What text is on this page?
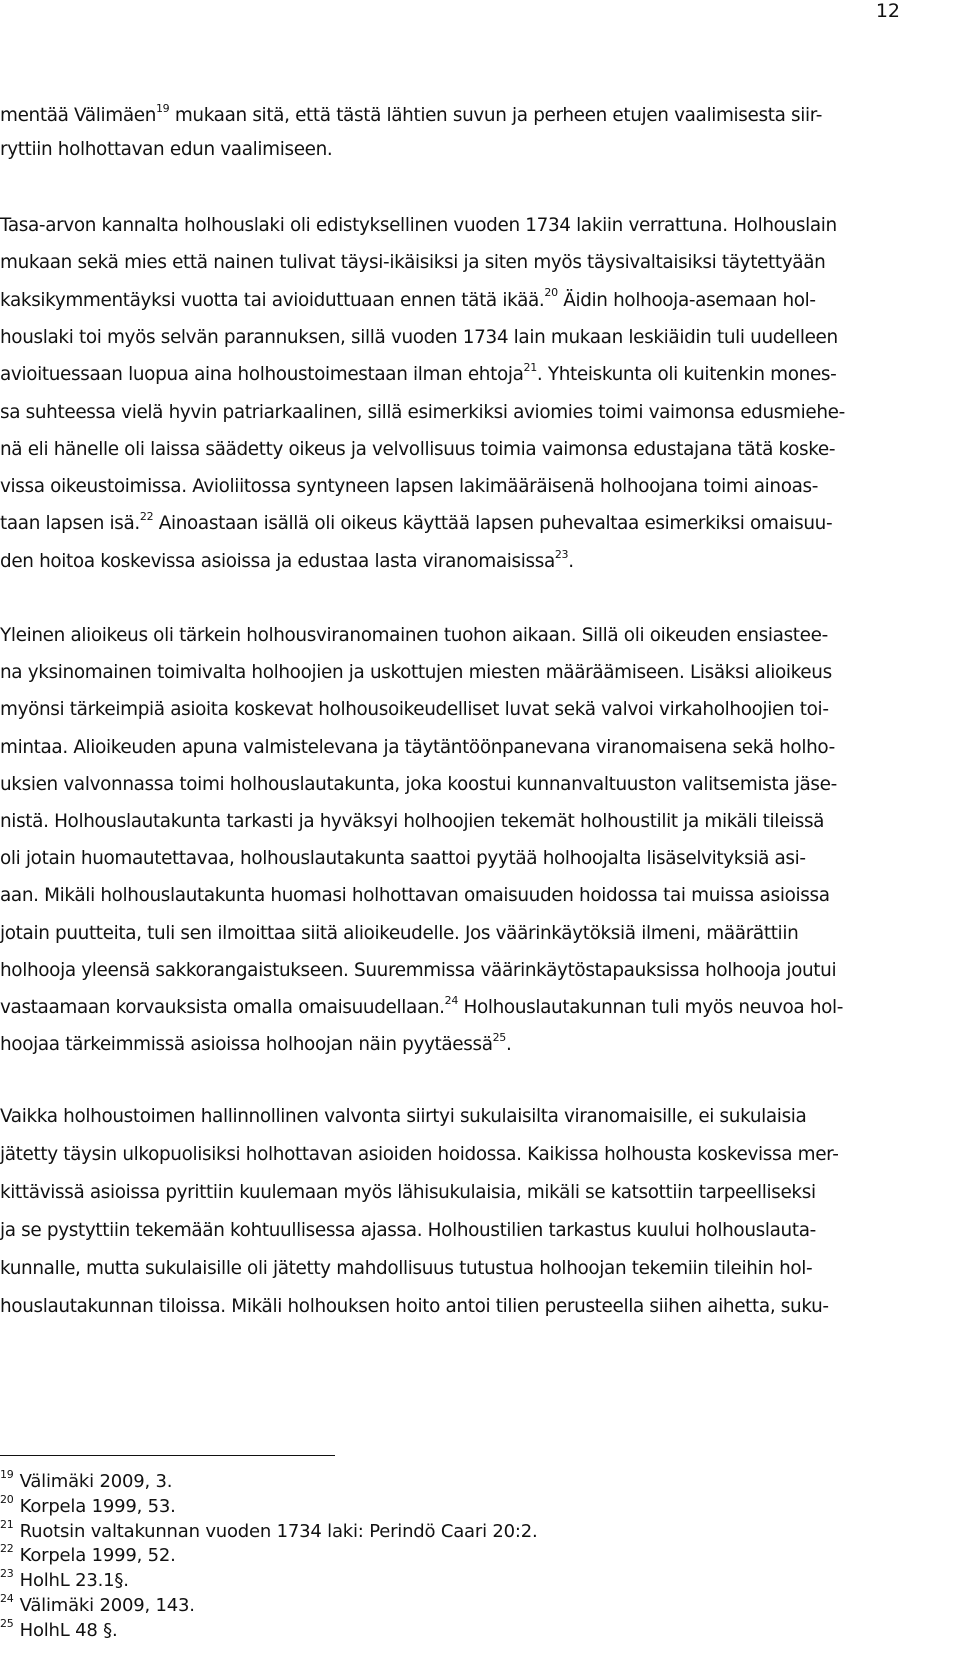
12
mentää Välimäen$^{19}$ mukaan sitä, että tästä lähtien suvun ja perheen etujen vaalimisesta siir-
ryttiin holhottavan edun vaalimiseen.
Tasa-arvon kannalta holhouslaki oli edistyksellinen vuoden 1734 lakiin verrattuna. Holhouslain
mukaan sekä mies että nainen tulivat täysi-ikäisiksi ja siten myös täysivaltaisiksi täytettyään
kaksikymmentäyksi vuotta tai avioiduttuaan ennen tätä ikää.$^{20}$ Äidin holhooja-asemaan hol-
houslaki toi myös selvän parannuksen, sillä vuoden 1734 lain mukaan leskiäidin tuli uudelleen
avioituessaan luopua aina holhoustoimestaan ilman ehtoja$^{21}$. Yhteiskunta oli kuitenkin mones-
sa suhteessa vielä hyvin patriarkaalinen, sillä esimerkiksi aviomies toimi vaimonsa edusmiehe-
nä eli hänelle oli laissa säädetty oikeus ja velvollisuus toimia vaimonsa edustajana tätä koske-
vissa oikeustoimissa. Avioliitossa syntyneen lapsen lakimääräisenä holhoojana toimi ainoas-
taan lapsen isä.$^{22}$ Ainoastaan isällä oli oikeus käyttää lapsen puhevaltaa esimerkiksi omaisuu-
den hoitoa koskevissa asioissa ja edustaa lasta viranomaisissa$^{23}$.
Yleinen alioikeus oli tärkein holhousviranomainen tuohon aikaan. Sillä oli oikeuden ensiastee-
na yksinomainen toimivalta holhoojien ja uskottujen miesten määräämiseen. Lisäksi alioikeus
myönsi tärkeimpiä asioita koskevat holhousoikeudelliset luvat sekä valvoi virkaholhoojien toi-
mintaa. Alioikeuden apuna valmistelevana ja täytäntöönpanevana viranomaisena sekä holho-
uksien valvonnassa toimi holhouslautakunta, joka koostui kunnanvaltuuston valitsemista jäse-
nistä. Holhouslautakunta tarkasti ja hyväksyi holhoojien tekemät holhoustilit ja mikäli tileissä
oli jotain huomautettavaa, holhouslautakunta saattoi pyytää holhoojalta lisäselvityksiä asi-
aan. Mikäli holhouslautakunta huomasi holhottavan omaisuuden hoidossa tai muissa asioissa
jotain puutteita, tuli sen ilmoittaa siitä alioikeudelle. Jos väärinkäytöksiä ilmeni, määrättiin
holhooja yleensä sakkorangaistukseen. Suuremmissa väärinkäytöstapauksissa holhooja joutui
vastaamaan korvauksista omalla omaisuudellaan.$^{24}$ Holhouslautakunnan tuli myös neuvoa hol-
hoojaa tärkeimmissä asioissa holhoojan näin pyytäessä$^{25}$.
Vaikka holhoustoimen hallinnollinen valvonta siirtyi sukulaisilta viranomaisille, ei sukulaisia
jätetty täysin ulkopuolisiksi holhottavan asioiden hoidossa. Kaikissa holhousta koskevissa mer-
kittävissä asioissa pyrittiin kuulemaan myös lähisukulaisia, mikäli se katsottiin tarpeelliseksi
ja se pystyttiin tekemään kohtuullisessa ajassa. Holhoustilien tarkastus kuului holhouslauta-
kunnalle, mutta sukulaisille oli jätetty mahdollisuus tutustua holhoojan tekemiin tileihin hol-
houslautakunnan tiloissa. Mikäli holhouksen hoito antoi tilien perusteella siihen aihetta, suku-
$^{19}$ Välimäki 2009, 3.
$^{20}$ Korpela 1999, 53.
$^{21}$ Ruotsin valtakunnan vuoden 1734 laki: Perindö Caari 20:2.
$^{22}$ Korpela 1999, 52.
$^{23}$ HolhL 23.1§.
$^{24}$ Välimäki 2009, 143.
$^{25}$ HolhL 48 §.
